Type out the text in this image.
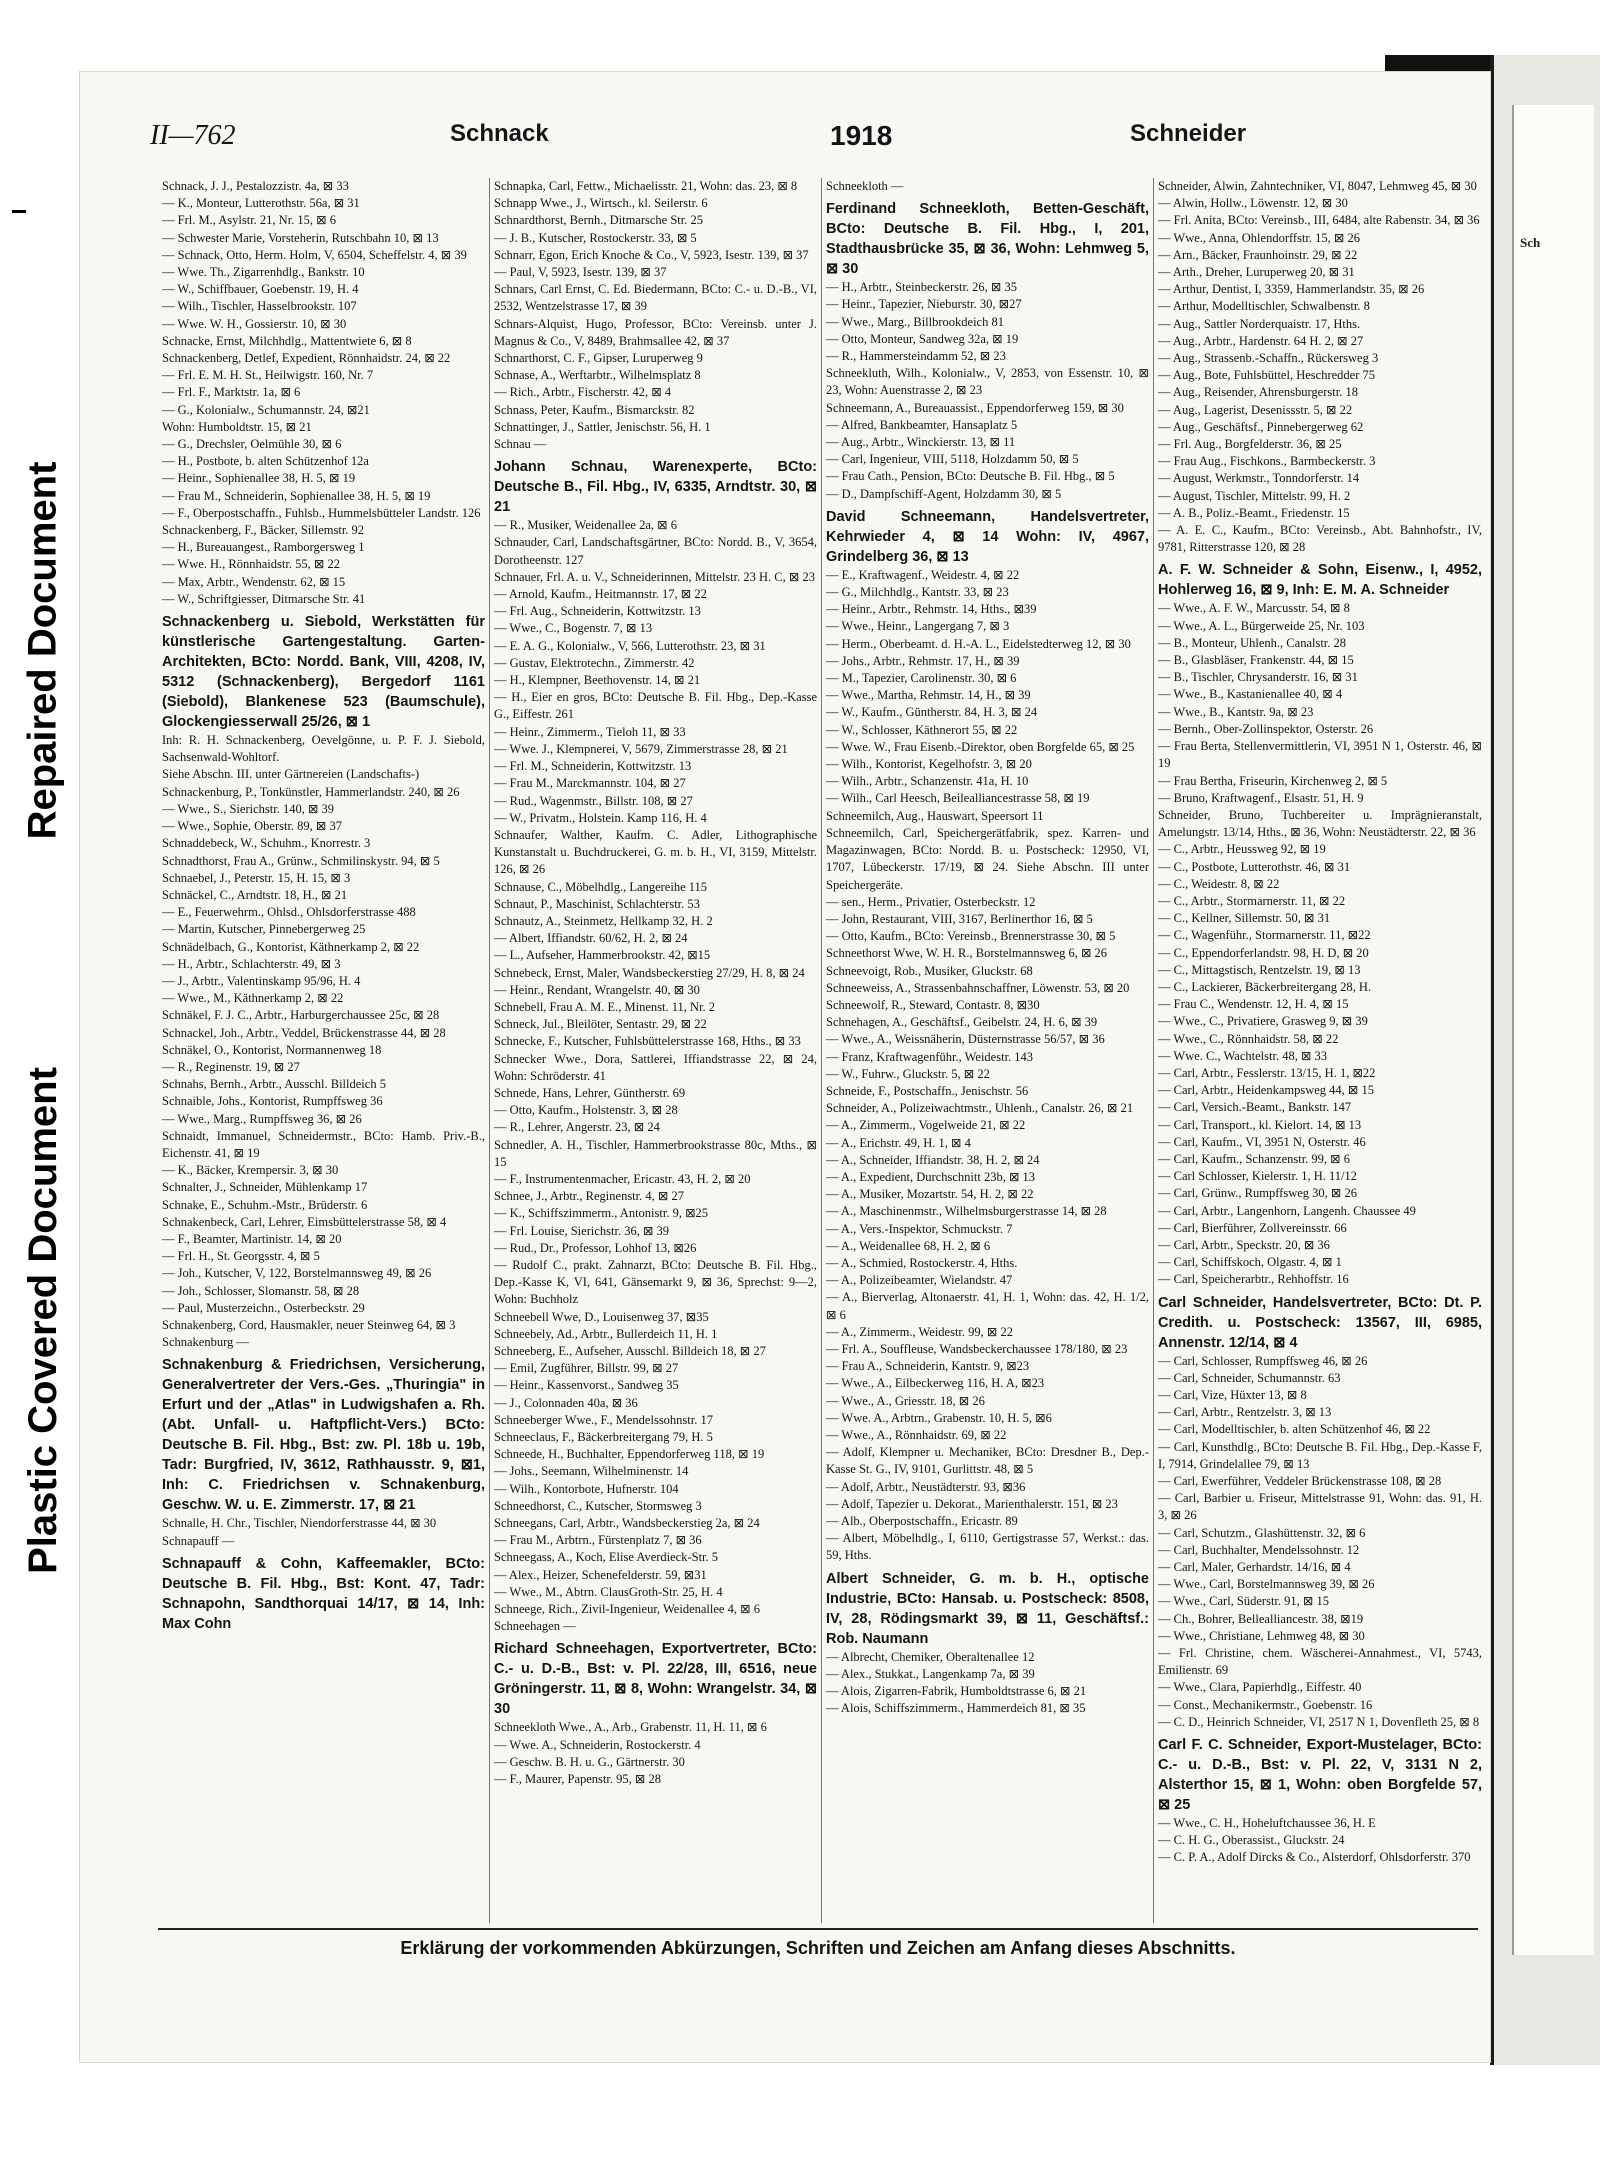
Repaired Document
Plastic Covered Document
Sch
II—762	Schnack	1918	Schneider

Schnack, J. J., Pestalozzistr. 4a, ⊠ 33

— K., Monteur, Lutterothstr. 56a, ⊠ 31

— Frl. M., Asylstr. 21, Nr. 15, ⊠ 6

— Schwester Marie, Vorsteherin, Rutschbahn 10, ⊠ 13

— Schnack, Otto, Herm. Holm, V, 6504, Scheffelstr. 4, ⊠ 39

— Wwe. Th., Zigarrenhdlg., Bankstr. 10

— W., Schiffbauer, Goebenstr. 19, H. 4

— Wilh., Tischler, Hasselbrookstr. 107

— Wwe. W. H., Gossierstr. 10, ⊠ 30

Schnacke, Ernst, Milchhdlg., Mattentwiete 6, ⊠ 8

Schnackenberg, Detlef, Expedient, Rönnhaidstr. 24, ⊠ 22

— Frl. E. M. H. St., Heilwigstr. 160, Nr. 7

— Frl. F., Marktstr. 1a, ⊠ 6

— G., Kolonialw., Schumannstr. 24, ⊠21

Wohn: Humboldtstr. 15, ⊠ 21

— G., Drechsler, Oelmühle 30, ⊠ 6

— H., Postbote, b. alten Schützenhof 12a

— Heinr., Sophienallee 38, H. 5, ⊠ 19

— Frau M., Schneiderin, Sophienallee 38, H. 5, ⊠ 19

— F., Oberpostschaffn., Fuhlsb., Hummelsbütteler Landstr. 126

Schnackenberg, F., Bäcker, Sillemstr. 92

— H., Bureauangest., Ramborgersweg 1

— Wwe. H., Rönnhaidstr. 55, ⊠ 22

— Max, Arbtr., Wendenstr. 62, ⊠ 15

— W., Schriftgiesser, Ditmarsche Str. 41

Schnackenberg u. Siebold, Werkstätten für künstlerische Gartengestaltung. Garten-Architekten, BCto: Nordd. Bank, VIII, 4208, IV, 5312 (Schnackenberg), Bergedorf 1161 (Siebold), Blankenese 523 (Baumschule), Glockengiesserwall 25/26, ⊠ 1

Inh: R. H. Schnackenberg, Oevelgönne, u. P. F. J. Siebold, Sachsenwald-Wohltorf.

Siehe Abschn. III. unter Gärtnereien (Landschafts-)

Schnackenburg, P., Tonkünstler, Hammerlandstr. 240, ⊠ 26

— Wwe., S., Sierichstr. 140, ⊠ 39

— Wwe., Sophie, Oberstr. 89, ⊠ 37

Schnaddebeck, W., Schuhm., Knorrestr. 3

Schnadthorst, Frau A., Grünw., Schmilinskystr. 94, ⊠ 5

Schnaebel, J., Peterstr. 15, H. 15, ⊠ 3

Schnäckel, C., Arndtstr. 18, H., ⊠ 21

— E., Feuerwehrm., Ohlsd., Ohlsdorferstrasse 488

— Martin, Kutscher, Pinnebergerweg 25

Schnädelbach, G., Kontorist, Käthnerkamp 2, ⊠ 22

— H., Arbtr., Schlachterstr. 49, ⊠ 3

— J., Arbtr., Valentinskamp 95/96, H. 4

— Wwe., M., Käthnerkamp 2, ⊠ 22

Schnäkel, F. J. C., Arbtr., Harburgerchaussee 25c, ⊠ 28

Schnackel, Joh., Arbtr., Veddel, Brückenstrasse 44, ⊠ 28

Schnäkel, O., Kontorist, Normannenweg 18

— R., Reginenstr. 19, ⊠ 27

Schnahs, Bernh., Arbtr., Ausschl. Billdeich 5

Schnaible, Johs., Kontorist, Rumpffsweg 36

— Wwe., Marg., Rumpffsweg 36, ⊠ 26

Schnaidt, Immanuel, Schneidermstr., BCto: Hamb. Priv.-B., Eichenstr. 41, ⊠ 19

— K., Bäcker, Krempersir. 3, ⊠ 30

Schnalter, J., Schneider, Mühlenkamp 17

Schnake, E., Schuhm.-Mstr., Brüderstr. 6

Schnakenbeck, Carl, Lehrer, Eimsbüttelerstrasse 58, ⊠ 4

— F., Beamter, Martinistr. 14, ⊠ 20

— Frl. H., St. Georgsstr. 4, ⊠ 5

— Joh., Kutscher, V, 122, Borstelmannsweg 49, ⊠ 26

— Joh., Schlosser, Slomanstr. 58, ⊠ 28

— Paul, Musterzeichn., Osterbeckstr. 29

Schnakenberg, Cord, Hausmakler, neuer Steinweg 64, ⊠ 3

Schnakenburg —

Schnakenburg & Friedrichsen, Versicherung, Generalvertreter der Vers.-Ges. „Thuringia" in Erfurt und der „Atlas" in Ludwigshafen a. Rh. (Abt. Unfall- u. Haftpflicht-Vers.) BCto: Deutsche B. Fil. Hbg., Bst: zw. Pl. 18b u. 19b, Tadr: Burgfried, IV, 3612, Rathhausstr. 9, ⊠1, Inh: C. Friedrichsen v. Schnakenburg, Geschw. W. u. E. Zimmerstr. 17, ⊠ 21

Schnalle, H. Chr., Tischler, Niendorferstrasse 44, ⊠ 30

Schnapauff —

Schnapauff & Cohn, Kaffeemakler, BCto: Deutsche B. Fil. Hbg., Bst: Kont. 47, Tadr: Schnapohn, Sandthorquai 14/17, ⊠ 14, Inh: Max Cohn

Schnapka, Carl, Fettw., Michaelisstr. 21, Wohn: das. 23, ⊠ 8

Schnapp Wwe., J., Wirtsch., kl. Seilerstr. 6

Schnardthorst, Bernh., Ditmarsche Str. 25

— J. B., Kutscher, Rostockerstr. 33, ⊠ 5

Schnarr, Egon, Erich Knoche & Co., V, 5923, Isestr. 139, ⊠ 37

— Paul, V, 5923, Isestr. 139, ⊠ 37

Schnars, Carl Ernst, C. Ed. Biedermann, BCto: C.- u. D.-B., VI, 2532, Wentzelstrasse 17, ⊠ 39

Schnars-Alquist, Hugo, Professor, BCto: Vereinsb. unter J. Magnus & Co., V, 8489, Brahmsallee 42, ⊠ 37

Schnarthorst, C. F., Gipser, Luruperweg 9

Schnase, A., Werftarbtr., Wilhelmsplatz 8

— Rich., Arbtr., Fischerstr. 42, ⊠ 4

Schnass, Peter, Kaufm., Bismarckstr. 82

Schnattinger, J., Sattler, Jenischstr. 56, H. 1

Schnau —

Johann Schnau, Warenexperte, BCto: Deutsche B., Fil. Hbg., IV, 6335, Arndtstr. 30, ⊠ 21

— R., Musiker, Weidenallee 2a, ⊠ 6

Schnauder, Carl, Landschaftsgärtner, BCto: Nordd. B., V, 3654, Dorotheenstr. 127

Schnauer, Frl. A. u. V., Schneiderinnen, Mittelstr. 23 H. C, ⊠ 23

— Arnold, Kaufm., Heitmannstr. 17, ⊠ 22

— Frl. Aug., Schneiderin, Kottwitzstr. 13

— Wwe., C., Bogenstr. 7, ⊠ 13

— E. A. G., Kolonialw., V, 566, Lutterothstr. 23, ⊠ 31

— Gustav, Elektrotechn., Zimmerstr. 42

— H., Klempner, Beethovenstr. 14, ⊠ 21

— H., Eier en gros, BCto: Deutsche B. Fil. Hbg., Dep.-Kasse G., Eiffestr. 261

— Heinr., Zimmerm., Tieloh 11, ⊠ 33

— Wwe. J., Klempnerei, V, 5679, Zimmerstrasse 28, ⊠ 21

— Frl. M., Schneiderin, Kottwitzstr. 13

— Frau M., Marckmannstr. 104, ⊠ 27

— Rud., Wagenmstr., Billstr. 108, ⊠ 27

— W., Privatm., Holstein. Kamp 116, H. 4

Schnaufer, Walther, Kaufm. C. Adler, Lithographische Kunstanstalt u. Buchdruckerei, G. m. b. H., VI, 3159, Mittelstr. 126, ⊠ 26

Schnause, C., Möbelhdlg., Langereihe 115

Schnaut, P., Maschinist, Schlachterstr. 53

Schnautz, A., Steinmetz, Hellkamp 32, H. 2

— Albert, Iffiandstr. 60/62, H. 2, ⊠ 24

— L., Aufseher, Hammerbrookstr. 42, ⊠15

Schnebeck, Ernst, Maler, Wandsbeckerstieg 27/29, H. 8, ⊠ 24

— Heinr., Rendant, Wrangelstr. 40, ⊠ 30

Schnebell, Frau A. M. E., Minenst. 11, Nr. 2

Schneck, Jul., Bleilöter, Sentastr. 29, ⊠ 22

Schnecke, F., Kutscher, Fuhlsbüttelerstrasse 168, Hths., ⊠ 33

Schnecker Wwe., Dora, Sattlerei, Iffiandstrasse 22, ⊠ 24, Wohn: Schröderstr. 41

Schnede, Hans, Lehrer, Güntherstr. 69

— Otto, Kaufm., Holstenstr. 3, ⊠ 28

— R., Lehrer, Angerstr. 23, ⊠ 24

Schnedler, A. H., Tischler, Hammerbrookstrasse 80c, Mths., ⊠ 15

— F., Instrumentenmacher, Ericastr. 43, H. 2, ⊠ 20

Schnee, J., Arbtr., Reginenstr. 4, ⊠ 27

— K., Schiffszimmerm., Antonistr. 9, ⊠25

— Frl. Louise, Sierichstr. 36, ⊠ 39

— Rud., Dr., Professor, Lohhof 13, ⊠26

— Rudolf C., prakt. Zahnarzt, BCto: Deutsche B. Fil. Hbg., Dep.-Kasse K, VI, 641, Gänsemarkt 9, ⊠ 36, Sprechst: 9—2, Wohn: Buchholz

Schneebell Wwe, D., Louisenweg 37, ⊠35

Schneebely, Ad., Arbtr., Bullerdeich 11, H. 1

Schneeberg, E., Aufseher, Ausschl. Billdeich 18, ⊠ 27

— Emil, Zugführer, Billstr. 99, ⊠ 27

— Heinr., Kassenvorst., Sandweg 35

— J., Colonnaden 40a, ⊠ 36

Schneeberger Wwe., F., Mendelssohnstr. 17

Schneeclaus, F., Bäckerbreitergang 79, H. 5

Schneede, H., Buchhalter, Eppendorferweg 118, ⊠ 19

— Johs., Seemann, Wilhelminenstr. 14

— Wilh., Kontorbote, Hufnerstr. 104

Schneedhorst, C., Kutscher, Stormsweg 3

Schneegans, Carl, Arbtr., Wandsbeckerstieg 2a, ⊠ 24

— Frau M., Arbtrn., Fürstenplatz 7, ⊠ 36

Schneegass, A., Koch, Elise Averdieck-Str. 5

— Alex., Heizer, Schenefelderstr. 59, ⊠31

— Wwe., M., Abtrn. ClausGroth-Str. 25, H. 4

Schneege, Rich., Zivil-Ingenieur, Weidenallee 4, ⊠ 6

Schneehagen —

Richard Schneehagen, Exportvertreter, BCto: C.- u. D.-B., Bst: v. Pl. 22/28, III, 6516, neue Gröningerstr. 11, ⊠ 8, Wohn: Wrangelstr. 34, ⊠ 30

Schneekloth Wwe., A., Arb., Grabenstr. 11, H. 11, ⊠ 6

— Wwe. A., Schneiderin, Rostockerstr. 4

— Geschw. B. H. u. G., Gärtnerstr. 30

— F., Maurer, Papenstr. 95, ⊠ 28

Schneekloth —

Ferdinand Schneekloth, Betten-Geschäft, BCto: Deutsche B. Fil. Hbg., I, 201, Stadthausbrücke 35, ⊠ 36, Wohn: Lehmweg 5, ⊠ 30

— H., Arbtr., Steinbeckerstr. 26, ⊠ 35

— Heinr., Tapezier, Nieburstr. 30, ⊠27

— Wwe., Marg., Billbrookdeich 81

— Otto, Monteur, Sandweg 32a, ⊠ 19

— R., Hammersteindamm 52, ⊠ 23

Schneekluth, Wilh., Kolonialw., V, 2853, von Essenstr. 10, ⊠ 23, Wohn: Auenstrasse 2, ⊠ 23

Schneemann, A., Bureauassist., Eppendorferweg 159, ⊠ 30

— Alfred, Bankbeamter, Hansaplatz 5

— Aug., Arbtr., Winckierstr. 13, ⊠ 11

— Carl, Ingenieur, VIII, 5118, Holzdamm 50, ⊠ 5

— Frau Cath., Pension, BCto: Deutsche B. Fil. Hbg., ⊠ 5

— D., Dampfschiff-Agent, Holzdamm 30, ⊠ 5

David Schneemann, Handelsvertreter, Kehrwieder 4, ⊠ 14 Wohn: IV, 4967, Grindelberg 36, ⊠ 13

— E., Kraftwagenf., Weidestr. 4, ⊠ 22

— G., Milchhdlg., Kantstr. 33, ⊠ 23

— Heinr., Arbtr., Rehmstr. 14, Hths., ⊠39

— Wwe., Heinr., Langergang 7, ⊠ 3

— Herm., Oberbeamt. d. H.-A. L., Eidelstedterweg 12, ⊠ 30

— Johs., Arbtr., Rehmstr. 17, H., ⊠ 39

— M., Tapezier, Carolinenstr. 30, ⊠ 6

— Wwe., Martha, Rehmstr. 14, H., ⊠ 39

— W., Kaufm., Güntherstr. 84, H. 3, ⊠ 24

— W., Schlosser, Käthnerort 55, ⊠ 22

— Wwe. W., Frau Eisenb.-Direktor, oben Borgfelde 65, ⊠ 25

— Wilh., Kontorist, Kegelhofstr. 3, ⊠ 20

— Wilh., Arbtr., Schanzenstr. 41a, H. 10

— Wilh., Carl Heesch, Beilealliancestrasse 58, ⊠ 19

Schneemilch, Aug., Hauswart, Speersort 11

Schneemilch, Carl, Speichergerätfabrik, spez. Karren- und Magazinwagen, BCto: Nordd. B. u. Postscheck: 12950, VI, 1707, Lübeckerstr. 17/19, ⊠ 24. Siehe Abschn. III unter Speichergeräte.

— sen., Herm., Privatier, Osterbeckstr. 12

— John, Restaurant, VIII, 3167, Berlinerthor 16, ⊠ 5

— Otto, Kaufm., BCto: Vereinsb., Brennerstrasse 30, ⊠ 5

Schneethorst Wwe, W. H. R., Borstelmannsweg 6, ⊠ 26

Schneevoigt, Rob., Musiker, Gluckstr. 68

Schneeweiss, A., Strassenbahnschaffner, Löwenstr. 53, ⊠ 20

Schneewolf, R., Steward, Contastr. 8, ⊠30

Schnehagen, A., Geschäftsf., Geibelstr. 24, H. 6, ⊠ 39

— Wwe., A., Weissnäherin, Düsternstrasse 56/57, ⊠ 36

— Franz, Kraftwagenführ., Weidestr. 143

— W., Fuhrw., Gluckstr. 5, ⊠ 22

Schneide, F., Postschaffn., Jenischstr. 56

Schneider, A., Polizeiwachtmstr., Uhlenh., Canalstr. 26, ⊠ 21

— A., Zimmerm., Vogelweide 21, ⊠ 22

— A., Erichstr. 49, H. 1, ⊠ 4

— A., Schneider, Iffiandstr. 38, H. 2, ⊠ 24

— A., Expedient, Durchschnitt 23b, ⊠ 13

— A., Musiker, Mozartstr. 54, H. 2, ⊠ 22

— A., Maschinenmstr., Wilhelmsburgerstrasse 14, ⊠ 28

— A., Vers.-Inspektor, Schmuckstr. 7

— A., Weidenallee 68, H. 2, ⊠ 6

— A., Schmied, Rostockerstr. 4, Hths.

— A., Polizeibeamter, Wielandstr. 47

— A., Bierverlag, Altonaerstr. 41, H. 1, Wohn: das. 42, H. 1/2, ⊠ 6

— A., Zimmerm., Weidestr. 99, ⊠ 22

— Frl. A., Souffleuse, Wandsbeckerchaussee 178/180, ⊠ 23

— Frau A., Schneiderin, Kantstr. 9, ⊠23

— Wwe., A., Eilbeckerweg 116, H. A, ⊠23

— Wwe., A., Griesstr. 18, ⊠ 26

— Wwe. A., Arbtrn., Grabenstr. 10, H. 5, ⊠6

— Wwe., A., Rönnhaidstr. 69, ⊠ 22

— Adolf, Klempner u. Mechaniker, BCto: Dresdner B., Dep.-Kasse St. G., IV, 9101, Gurlittstr. 48, ⊠ 5

— Adolf, Arbtr., Neustädterstr. 93, ⊠36

— Adolf, Tapezier u. Dekorat., Marienthalerstr. 151, ⊠ 23

— Alb., Oberpostschaffn., Ericastr. 89

— Albert, Möbelhdlg., I, 6110, Gertigstrasse 57, Werkst.: das. 59, Hths.

Albert Schneider, G. m. b. H., optische Industrie, BCto: Hansab. u. Postscheck: 8508, IV, 28, Rödingsmarkt 39, ⊠ 11, Geschäftsf.: Rob. Naumann

— Albrecht, Chemiker, Oberaltenallee 12

— Alex., Stukkat., Langenkamp 7a, ⊠ 39

— Alois, Zigarren-Fabrik, Humboldtstrasse 6, ⊠ 21

— Alois, Schiffszimmerm., Hammerdeich 81, ⊠ 35

Schneider, Alwin, Zahntechniker, VI, 8047, Lehmweg 45, ⊠ 30

— Alwin, Hollw., Löwenstr. 12, ⊠ 30

— Frl. Anita, BCto: Vereinsb., III, 6484, alte Rabenstr. 34, ⊠ 36

— Wwe., Anna, Ohlendorffstr. 15, ⊠ 26

— Arn., Bäcker, Fraunhoinstr. 29, ⊠ 22

— Arth., Dreher, Luruperweg 20, ⊠ 31

— Arthur, Dentist, I, 3359, Hammerlandstr. 35, ⊠ 26

— Arthur, Modelltischler, Schwalbenstr. 8

— Aug., Sattler Norderquaistr. 17, Hths.

— Aug., Arbtr., Hardenstr. 64 H. 2, ⊠ 27

— Aug., Strassenb.-Schaffn., Rückersweg 3

— Aug., Bote, Fuhlsbüttel, Heschredder 75

— Aug., Reisender, Ahrensburgerstr. 18

— Aug., Lagerist, Desenissstr. 5, ⊠ 22

— Aug., Geschäftsf., Pinnebergerweg 62

— Frl. Aug., Borgfelderstr. 36, ⊠ 25

— Frau Aug., Fischkons., Barmbeckerstr. 3

— August, Werkmstr., Tonndorferstr. 14

— August, Tischler, Mittelstr. 99, H. 2

— A. B., Poliz.-Beamt., Friedenstr. 15

— A. E. C., Kaufm., BCto: Vereinsb., Abt. Bahnhofstr., IV, 9781, Ritterstrasse 120, ⊠ 28

A. F. W. Schneider & Sohn, Eisenw., I, 4952, Hohlerweg 16, ⊠ 9, Inh: E. M. A. Schneider

— Wwe., A. F. W., Marcusstr. 54, ⊠ 8

— Wwe., A. L., Bürgerweide 25, Nr. 103

— B., Monteur, Uhlenh., Canalstr. 28

— B., Glasbläser, Frankenstr. 44, ⊠ 15

— B., Tischler, Chrysanderstr. 16, ⊠ 31

— Wwe., B., Kastanienallee 40, ⊠ 4

— Wwe., B., Kantstr. 9a, ⊠ 23

— Bernh., Ober-Zollinspektor, Osterstr. 26

— Frau Berta, Stellenvermittlerin, VI, 3951 N 1, Osterstr. 46, ⊠ 19

— Frau Bertha, Friseurin, Kirchenweg 2, ⊠ 5

— Bruno, Kraftwagenf., Elsastr. 51, H. 9

Schneider, Bruno, Tuchbereiter u. Imprägnieranstalt, Amelungstr. 13/14, Hths., ⊠ 36, Wohn: Neustädterstr. 22, ⊠ 36

— C., Arbtr., Heussweg 92, ⊠ 19

— C., Postbote, Lutterothstr. 46, ⊠ 31

— C., Weidestr. 8, ⊠ 22

— C., Arbtr., Stormarnerstr. 11, ⊠ 22

— C., Kellner, Sillemstr. 50, ⊠ 31

— C., Wagenführ., Stormarnerstr. 11, ⊠22

— C., Eppendorferlandstr. 98, H. D, ⊠ 20

— C., Mittagstisch, Rentzelstr. 19, ⊠ 13

— C., Lackierer, Bäckerbreitergang 28, H.

— Frau C., Wendenstr. 12, H. 4, ⊠ 15

— Wwe., C., Privatiere, Grasweg 9, ⊠ 39

— Wwe., C., Rönnhaidstr. 58, ⊠ 22

— Wwe. C., Wachtelstr. 48, ⊠ 33

— Carl, Arbtr., Fesslerstr. 13/15, H. 1, ⊠22

— Carl, Arbtr., Heidenkampsweg 44, ⊠ 15

— Carl, Versich.-Beamt., Bankstr. 147

— Carl, Transport., kl. Kielort. 14, ⊠ 13

— Carl, Kaufm., VI, 3951 N, Osterstr. 46

— Carl, Kaufm., Schanzenstr. 99, ⊠ 6

— Carl Schlosser, Kielerstr. 1, H. 11/12

— Carl, Grünw., Rumpffsweg 30, ⊠ 26

— Carl, Arbtr., Langenhorn, Langenh. Chaussee 49

— Carl, Bierführer, Zollvereinsstr. 66

— Carl, Arbtr., Speckstr. 20, ⊠ 36

— Carl, Schiffskoch, Olgastr. 4, ⊠ 1

— Carl, Speicherarbtr., Rehhoffstr. 16

Carl Schneider, Handelsvertreter, BCto: Dt. P. Credith. u. Postscheck: 13567, III, 6985, Annenstr. 12/14, ⊠ 4

— Carl, Schlosser, Rumpffsweg 46, ⊠ 26

— Carl, Schneider, Schumannstr. 63

— Carl, Vize, Hüxter 13, ⊠ 8

— Carl, Arbtr., Rentzelstr. 3, ⊠ 13

— Carl, Modelltischler, b. alten Schützenhof 46, ⊠ 22

— Carl, Kunsthdlg., BCto: Deutsche B. Fil. Hbg., Dep.-Kasse F, I, 7914, Grindelallee 79, ⊠ 13

— Carl, Ewerführer, Veddeler Brückenstrasse 108, ⊠ 28

— Carl, Barbier u. Friseur, Mittelstrasse 91, Wohn: das. 91, H. 3, ⊠ 26

— Carl, Schutzm., Glashüttenstr. 32, ⊠ 6

— Carl, Buchhalter, Mendelssohnstr. 12

— Carl, Maler, Gerhardstr. 14/16, ⊠ 4

— Wwe., Carl, Borstelmannsweg 39, ⊠ 26

— Wwe., Carl, Süderstr. 91, ⊠ 15

— Ch., Bohrer, Bellealliancestr. 38, ⊠19

— Wwe., Christiane, Lehmweg 48, ⊠ 30

— Frl. Christine, chem. Wäscherei-Annahmest., VI, 5743, Emilienstr. 69

— Wwe., Clara, Papierhdlg., Eiffestr. 40

— Const., Mechanikermstr., Goebenstr. 16

— C. D., Heinrich Schneider, VI, 2517 N 1, Dovenfleth 25, ⊠ 8

Carl F. C. Schneider, Export-Mustelager, BCto: C.- u. D.-B., Bst: v. Pl. 22, V, 3131 N 2, Alsterthor 15, ⊠ 1, Wohn: oben Borgfelde 57, ⊠ 25

— Wwe., C. H., Hoheluftchaussee 36, H. E

— C. H. G., Oberassist., Gluckstr. 24

— C. P. A., Adolf Dircks & Co., Alsterdorf, Ohlsdorferstr. 370

Erklärung der vorkommenden Abkürzungen, Schriften und Zeichen am Anfang dieses Abschnitts.
